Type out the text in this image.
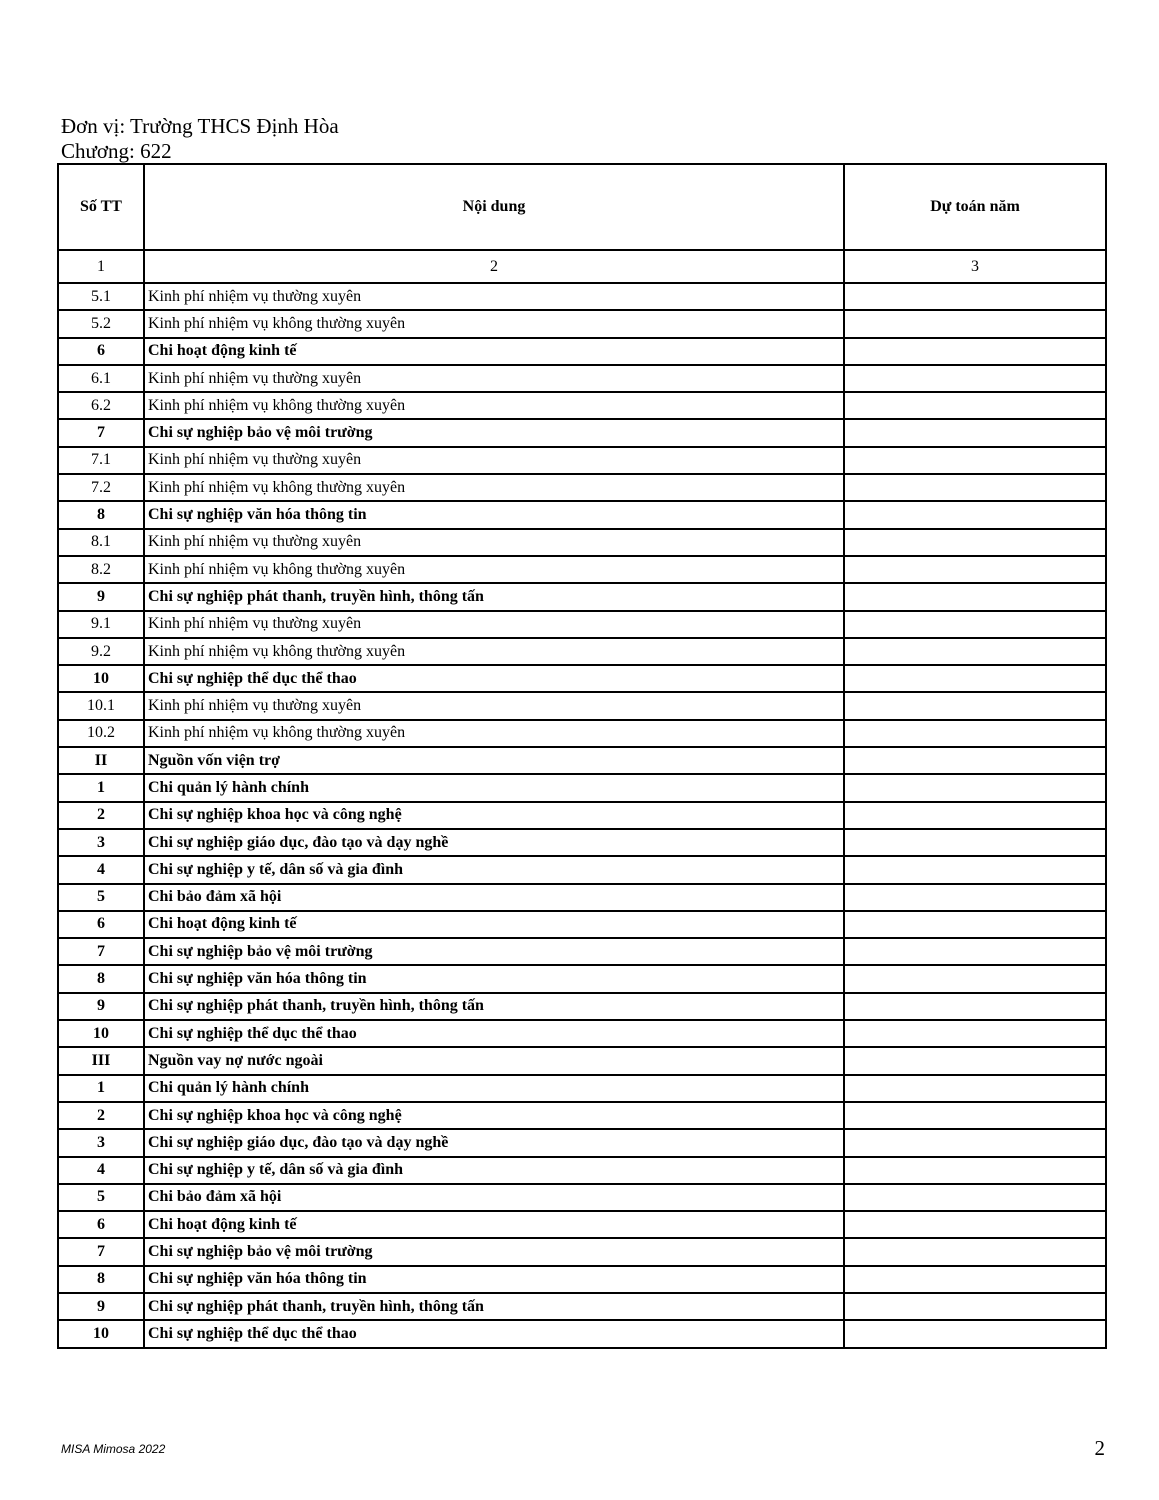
Đơn vị: Trường THCS Định Hòa
Chương: 622
Số TT	Nội dung	Dự toán năm
1	2	3
5.1	Kinh phí nhiệm vụ thường xuyên	
5.2	Kinh phí nhiệm vụ không thường xuyên	
6	Chi hoạt động kinh tế	
6.1	Kinh phí nhiệm vụ thường xuyên	
6.2	Kinh phí nhiệm vụ không thường xuyên	
7	Chi sự nghiệp bảo vệ môi trường	
7.1	Kinh phí nhiệm vụ thường xuyên	
7.2	Kinh phí nhiệm vụ không thường xuyên	
8	Chi sự nghiệp văn hóa thông tin	
8.1	Kinh phí nhiệm vụ thường xuyên	
8.2	Kinh phí nhiệm vụ không thường xuyên	
9	Chi sự nghiệp phát thanh, truyền hình, thông tấn	
9.1	Kinh phí nhiệm vụ thường xuyên	
9.2	Kinh phí nhiệm vụ không thường xuyên	
10	Chi sự nghiệp thể dục thể thao	
10.1	Kinh phí nhiệm vụ thường xuyên	
10.2	Kinh phí nhiệm vụ không thường xuyên	
II	Nguồn vốn viện trợ	
1	Chi quản lý hành chính	
2	Chi sự nghiệp khoa học và công nghệ	
3	Chi sự nghiệp giáo dục, đào tạo và dạy nghề	
4	Chi sự nghiệp y tế, dân số và gia đình	
5	Chi bảo đảm xã hội	
6	Chi hoạt động kinh tế	
7	Chi sự nghiệp bảo vệ môi trường	
8	Chi sự nghiệp văn hóa thông tin	
9	Chi sự nghiệp phát thanh, truyền hình, thông tấn	
10	Chi sự nghiệp thể dục thể thao	
III	Nguồn vay nợ nước ngoài	
1	Chi quản lý hành chính	
2	Chi sự nghiệp khoa học và công nghệ	
3	Chi sự nghiệp giáo dục, đào tạo và dạy nghề	
4	Chi sự nghiệp y tế, dân số và gia đình	
5	Chi bảo đảm xã hội	
6	Chi hoạt động kinh tế	
7	Chi sự nghiệp bảo vệ môi trường	
8	Chi sự nghiệp văn hóa thông tin	
9	Chi sự nghiệp phát thanh, truyền hình, thông tấn	
10	Chi sự nghiệp thể dục thể thao	
MISA Mimosa 2022	2
